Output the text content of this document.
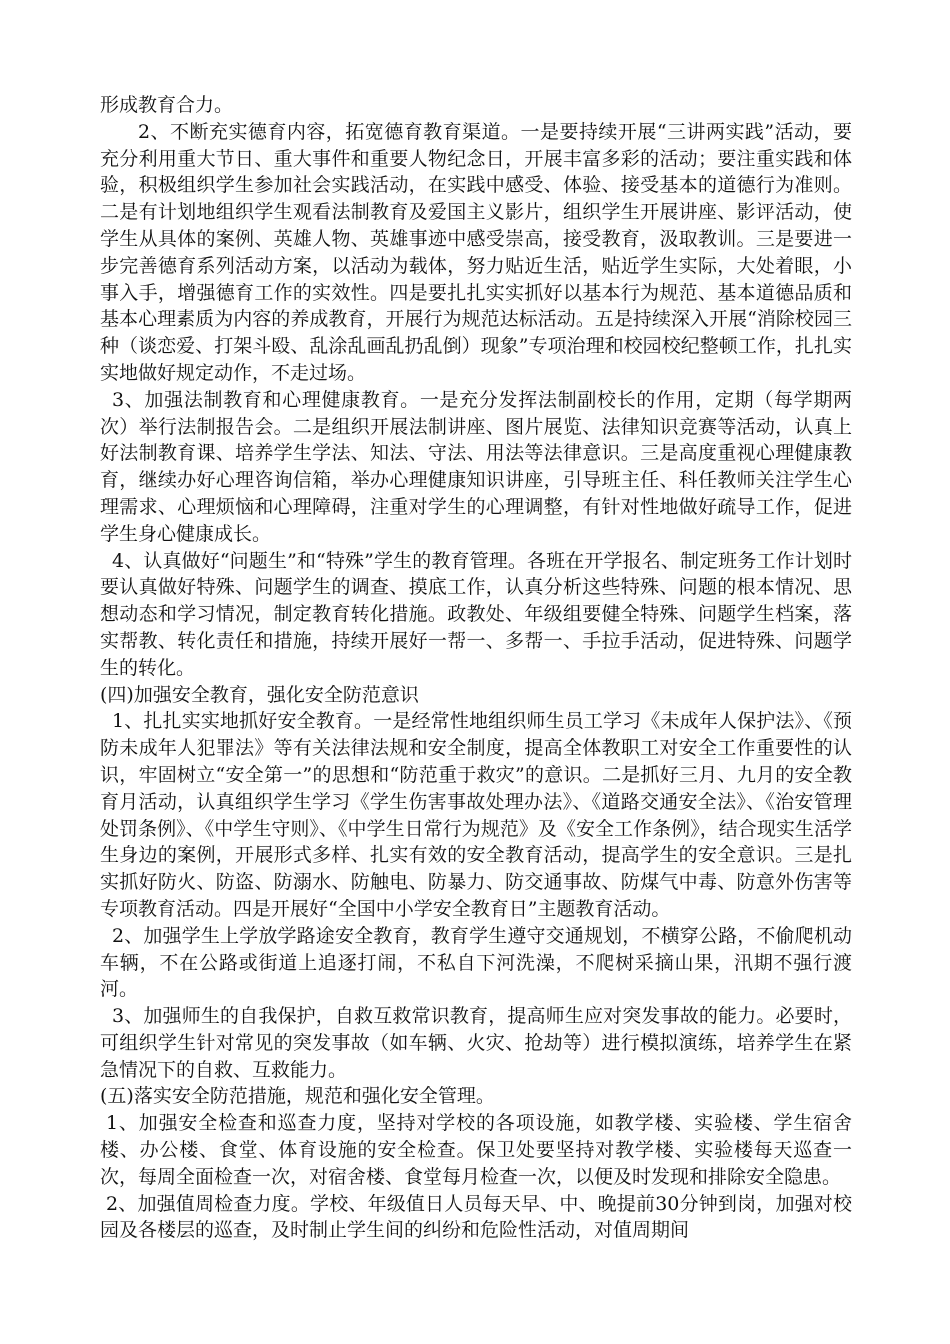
形成教育合力。

2、不断充实德育内容，拓宽德育教育渠道。一是要持续开展“三讲两实践”活动，要充分利用重大节日、重大事件和重要人物纪念日，开展丰富多彩的活动；要注重实践和体验，积极组织学生参加社会实践活动，在实践中感受、体验、接受基本的道德行为准则。二是有计划地组织学生观看法制教育及爱国主义影片，组织学生开展讲座、影评活动，使学生从具体的案例、英雄人物、英雄事迹中感受崇高，接受教育，汲取教训。三是要进一步完善德育系列活动方案，以活动为载体，努力贴近生活，贴近学生实际，大处着眼，小事入手，增强德育工作的实效性。四是要扎扎实实抓好以基本行为规范、基本道德品质和基本心理素质为内容的养成教育，开展行为规范达标活动。五是持续深入开展“消除校园三种（谈恋爱、打架斗殴、乱涂乱画乱扔乱倒）现象”专项治理和校园校纪整顿工作，扎扎实实地做好规定动作，不走过场。

3、加强法制教育和心理健康教育。一是充分发挥法制副校长的作用，定期（每学期两次）举行法制报告会。二是组织开展法制讲座、图片展览、法律知识竞赛等活动，认真上好法制教育课、培养学生学法、知法、守法、用法等法律意识。三是高度重视心理健康教育，继续办好心理咨询信箱，举办心理健康知识讲座，引导班主任、科任教师关注学生心理需求、心理烦恼和心理障碍，注重对学生的心理调整，有针对性地做好疏导工作，促进学生身心健康成长。

4、认真做好“问题生”和“特殊”学生的教育管理。各班在开学报名、制定班务工作计划时要认真做好特殊、问题学生的调查、摸底工作，认真分析这些特殊、问题的根本情况、思想动态和学习情况，制定教育转化措施。政教处、年级组要健全特殊、问题学生档案，落实帮教、转化责任和措施，持续开展好一帮一、多帮一、手拉手活动，促进特殊、问题学生的转化。

(四)加强安全教育，强化安全防范意识

1、扎扎实实地抓好安全教育。一是经常性地组织师生员工学习《未成年人保护法》、《预防未成年人犯罪法》等有关法律法规和安全制度，提高全体教职工对安全工作重要性的认识，牢固树立“安全第一”的思想和“防范重于救灾”的意识。二是抓好三月、九月的安全教育月活动，认真组织学生学习《学生伤害事故处理办法》、《道路交通安全法》、《治安管理处罚条例》、《中学生守则》、《中学生日常行为规范》及《安全工作条例》，结合现实生活学生身边的案例，开展形式多样、扎实有效的安全教育活动，提高学生的安全意识。三是扎实抓好防火、防盗、防溺水、防触电、防暴力、防交通事故、防煤气中毒、防意外伤害等专项教育活动。四是开展好“全国中小学安全教育日”主题教育活动。

2、加强学生上学放学路途安全教育，教育学生遵守交通规划，不横穿公路，不偷爬机动车辆，不在公路或街道上追逐打闹，不私自下河洗澡，不爬树采摘山果，汛期不强行渡河。

3、加强师生的自我保护，自救互救常识教育，提高师生应对突发事故的能力。必要时，可组织学生针对常见的突发事故（如车辆、火灾、抢劫等）进行模拟演练，培养学生在紧急情况下的自救、互救能力。

(五)落实安全防范措施，规范和强化安全管理。

1、加强安全检查和巡查力度，坚持对学校的各项设施，如教学楼、实验楼、学生宿舍楼、办公楼、食堂、体育设施的安全检查。保卫处要坚持对教学楼、实验楼每天巡查一次，每周全面检查一次，对宿舍楼、食堂每月检查一次，以便及时发现和排除安全隐患。

2、加强值周检查力度。学校、年级值日人员每天早、中、晚提前30分钟到岗，加强对校园及各楼层的巡查，及时制止学生间的纠纷和危险性活动，对值周期间
